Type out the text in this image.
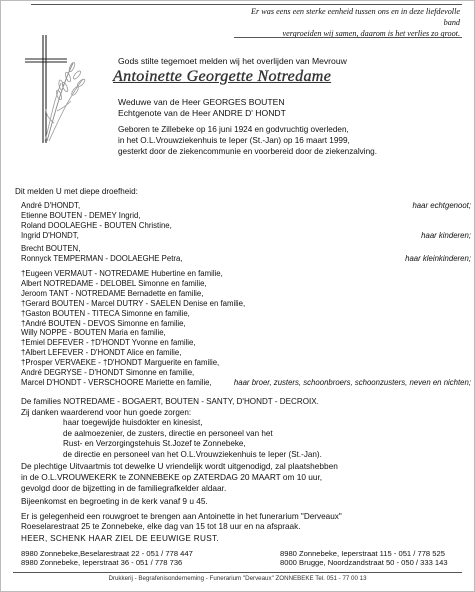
Er was eens een sterke eenheid tussen ons en in deze liefdevolle band
vergroeiden wij samen, daarom is het verlies zo groot.
Gods stilte tegemoet melden wij het overlijden van Mevrouw
Antoinette Georgette Notredame
Weduwe van de Heer GEORGES BOUTEN
Echtgenote van de Heer ANDRE D' HONDT
Geboren te Zillebeke op 16 juni 1924 en godvruchtig overleden,
in het O.L.Vrouwziekenhuis te Ieper (St.-Jan) op 16 maart 1999,
gesterkt door de ziekencommunie en voorbereid door de ziekenzalving.
Dit melden U met diepe droefheid:
André D'HONDT,	haar echtgenoot;
Etienne BOUTEN - DEMEY Ingrid,
Roland DOOLAEGHE - BOUTEN Christine,
Ingrid D'HONDT,	haar kinderen;
Brecht BOUTEN,
Ronnyck TEMPERMAN - DOOLAEGHE Petra,	haar kleinkinderen;
†Eugeen VERMAUT - NOTREDAME Hubertine en familie,
Albert NOTREDAME - DELOBEL Simonne en familie,
Jeroom TANT - NOTREDAME Bernadette en familie,
†Gerard BOUTEN - Marcel DUTRY - SAELEN Denise en familie,
†Gaston BOUTEN - TITECA Simonne en familie,
†André BOUTEN - DEVOS Simonne en familie,
Willy NOPPE - BOUTEN Maria en familie,
†Emiel DEFEVER - †D'HONDT Yvonne en familie,
†Albert LEFEVER - D'HONDT Alice en familie,
†Prosper VERVAEKE - †D'HONDT Marguerite en familie,
André DEGRYSE - D'HONDT Simonne en familie,
Marcel D'HONDT - VERSCHOORE Mariette en familie,	haar broer, zusters, schoonbroers, schoonzusters, neven en nichten;
De families NOTREDAME - BOGAERT, BOUTEN - SANTY, D'HONDT - DECROIX.
Zij danken waarderend voor hun goede zorgen:
haar toegewijde huisdokter en kinesist,
de aalmoezenier, de zusters, directie en personeel van het
Rust- en Verzorgingstehuis St.Jozef te Zonnebeke,
de directie en personeel van het O.L.Vrouwziekenhuis te Ieper (St.-Jan).
De plechtige Uitvaartmis tot dewelke U vriendelijk wordt uitgenodigd, zal plaatshebben
in de O.L.VROUWEKERK te ZONNEBEKE op ZATERDAG 20 MAART om 10 uur,
gevolgd door de bijzetting in de familiegrafkelder aldaar.
Bijeenkomst en begroeting in de kerk vanaf 9 u 45.
Er is gelegenheid een rouwgroet te brengen aan Antoinette in het funerarium "Derveaux"
Roeselarestraat 25 te Zonnebeke, elke dag van 15 tot 18 uur en na afspraak.
HEER, SCHENK HAAR ZIEL DE EEUWIGE RUST.
8980 Zonnebeke,Beselarestraat 22 - 051 / 778 447
8980 Zonnebeke, Ieperstraat 36 - 051 / 778 736
8980 Zonnebeke, Ieperstraat 115 - 051 / 778 525
8000 Brugge, Noordzandstraat 50 - 050 / 333 143
Drukkerij - Begrafenisonderneming - Funerarium "Derveaux" ZONNEBEKE Tel. 051 - 77 00 13
